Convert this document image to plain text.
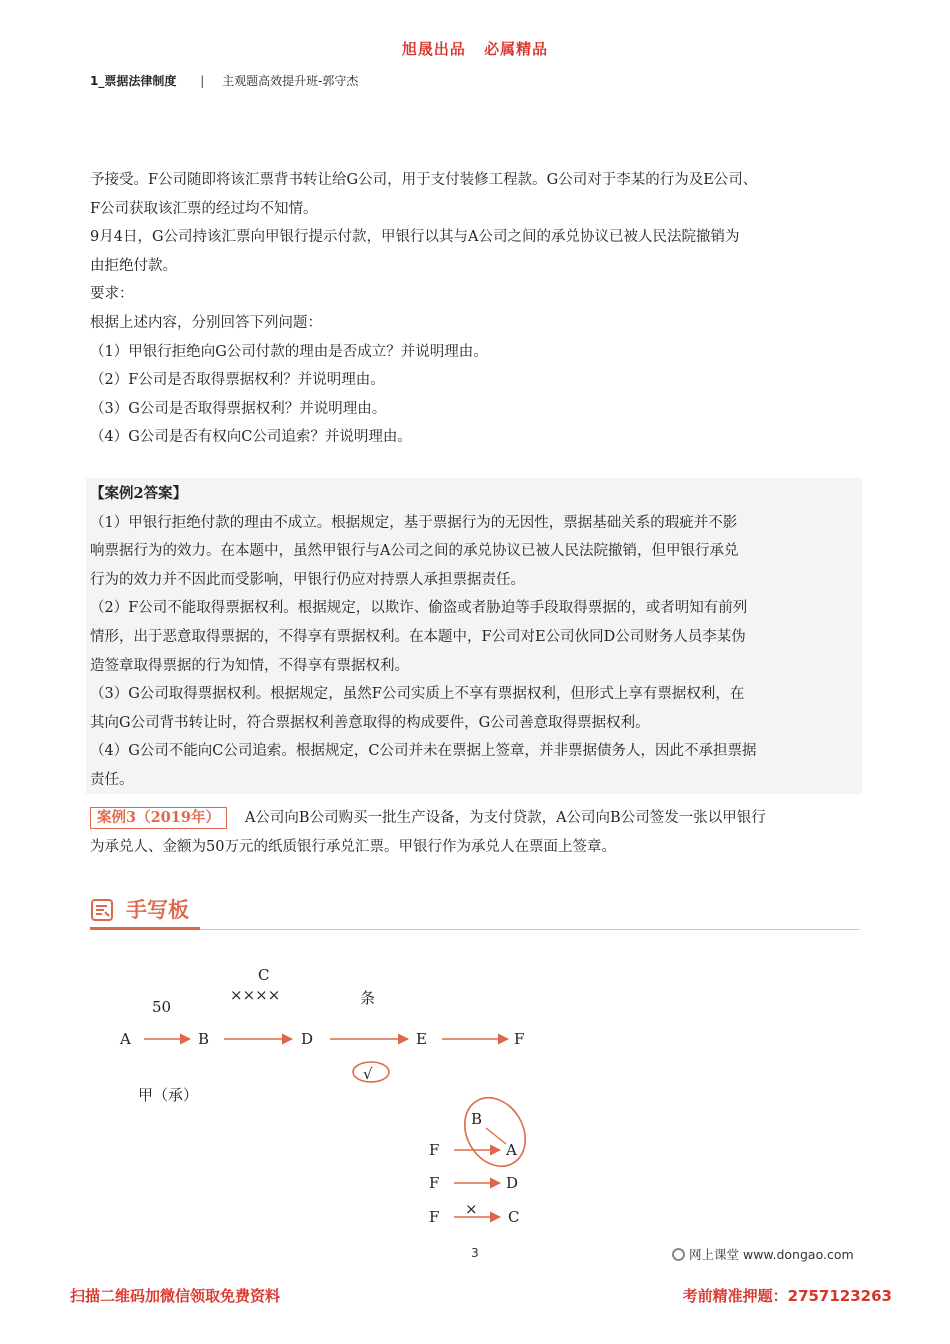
旭晟出品 必属精品
1_票据法律制度 | 主观题高效提升班-郭守杰

予接受。F公司随即将该汇票背书转让给G公司，用于支付装修工程款。G公司对于李某的行为及E公司、

F公司获取该汇票的经过均不知情。

9月4日，G公司持该汇票向甲银行提示付款，甲银行以其与A公司之间的承兑协议已被人民法院撤销为

由拒绝付款。

要求：

根据上述内容，分别回答下列问题：

（1）甲银行拒绝向G公司付款的理由是否成立？并说明理由。

（2）F公司是否取得票据权利？并说明理由。

（3）G公司是否取得票据权利？并说明理由。

（4）G公司是否有权向C公司追索？并说明理由。

【案例2答案】

（1）甲银行拒绝付款的理由不成立。根据规定，基于票据行为的无因性，票据基础关系的瑕疵并不影

响票据行为的效力。在本题中，虽然甲银行与A公司之间的承兑协议已被人民法院撤销，但甲银行承兑

行为的效力并不因此而受影响，甲银行仍应对持票人承担票据责任。

（2）F公司不能取得票据权利。根据规定，以欺诈、偷盗或者胁迫等手段取得票据的，或者明知有前列

情形，出于恶意取得票据的，不得享有票据权利。在本题中，F公司对E公司伙同D公司财务人员李某伪

造签章取得票据的行为知情，不得享有票据权利。

（3）G公司取得票据权利。根据规定，虽然F公司实质上不享有票据权利，但形式上享有票据权利，在

其向G公司背书转让时，符合票据权利善意取得的构成要件，G公司善意取得票据权利。

（4）G公司不能向C公司追索。根据规定，C公司并未在票据上签章，并非票据债务人，因此不承担票据

责任。

案例3（2019年） A公司向B公司购买一批生产设备，为支付贷款，A公司向B公司签发一张以甲银行

为承兑人、金额为50万元的纸质银行承兑汇票。甲银行作为承兑人在票面上签章。

手写板
50
C
××××	条
A	B	D	E	F
√
甲（承）
B
F	A
F	D
×
F	C
3	网上课堂 www.dongao.com
扫描二维码加微信领取免费资料	考前精准押题：2757123263
